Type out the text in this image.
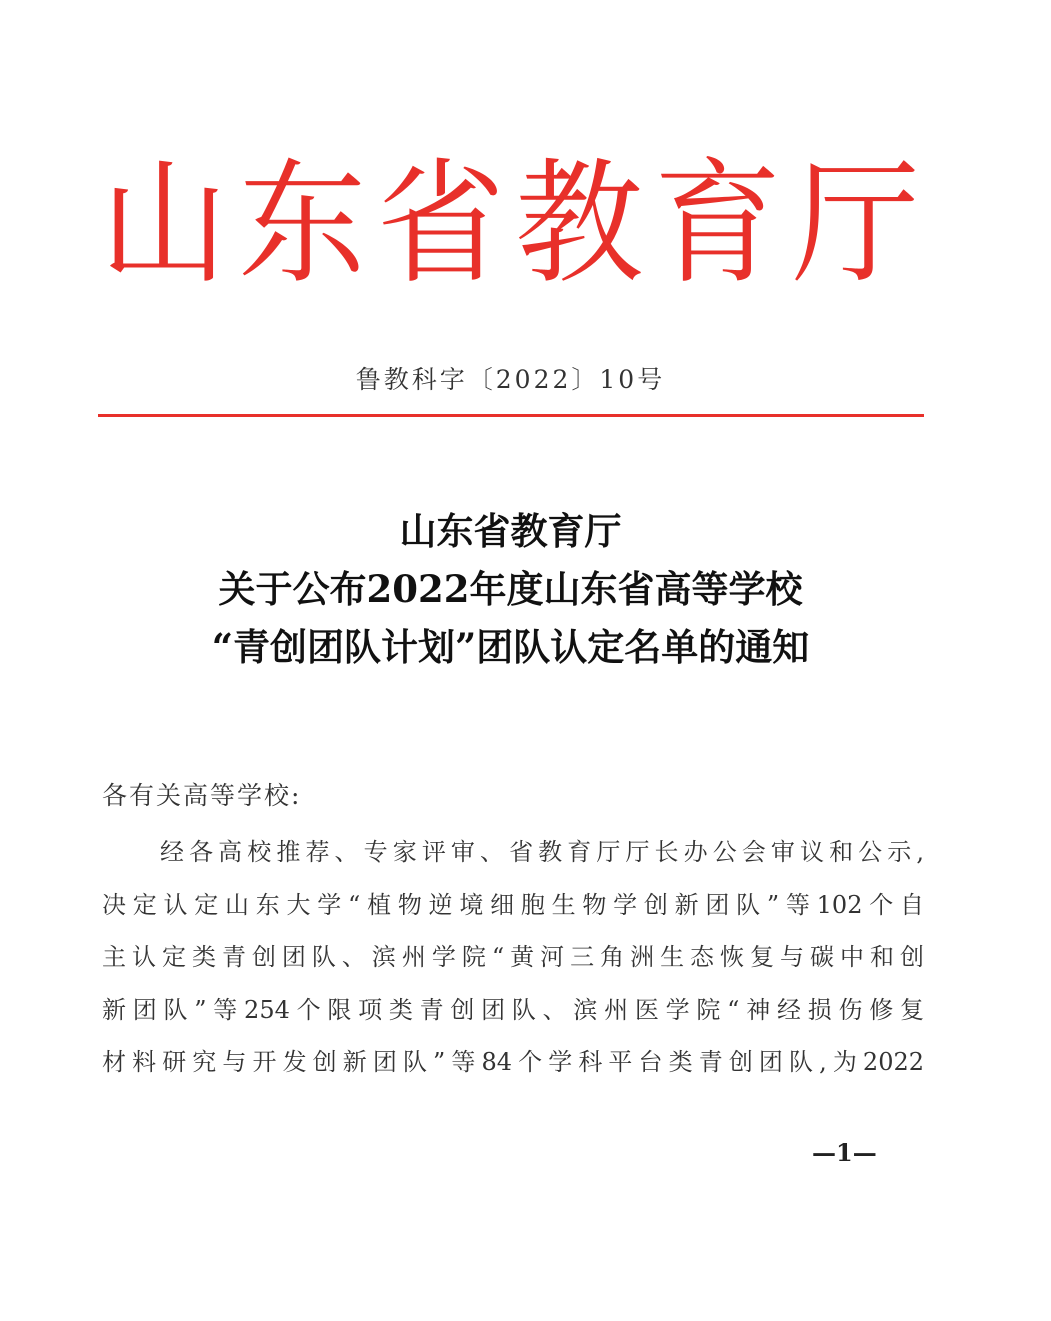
山 东 省 教 育 厅
鲁教科字〔2022〕10号
山东省教育厅
关于公布2022年度山东省高等学校
“青创团队计划”团队认定名单的通知
各有关高等学校:
经各高校推荐、专家评审、省教育厅厅长办公会审议和公示,
决定认定山东大学“植物逆境细胞生物学创新团队”等102个自
主认定类青创团队、滨州学院“黄河三角洲生态恢复与碳中和创
新团队”等254个限项类青创团队、滨州医学院“神经损伤修复
材料研究与开发创新团队”等84个学科平台类青创团队,为2022
—1—
